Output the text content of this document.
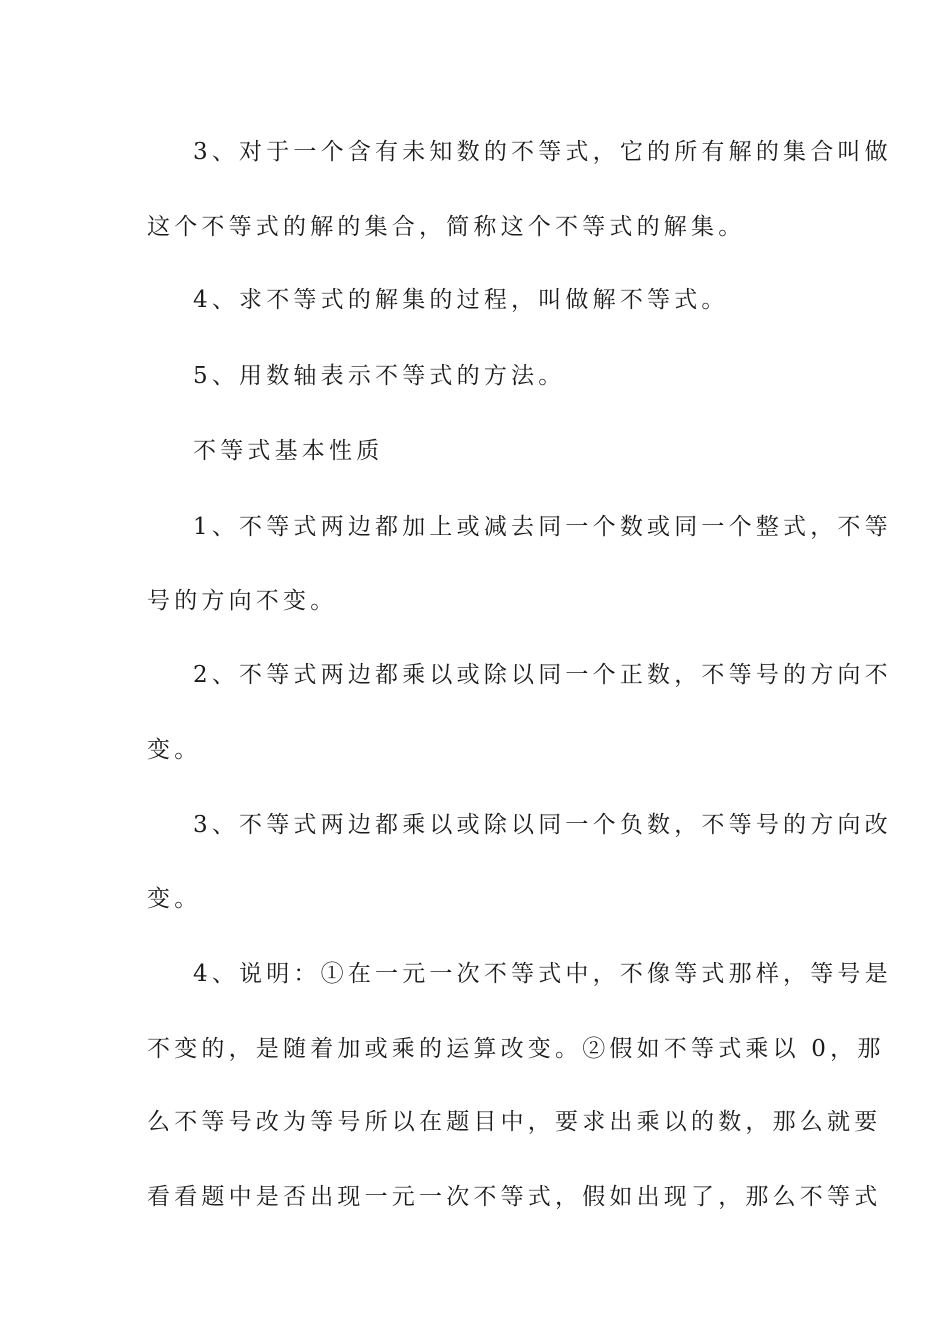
3、对于一个含有未知数的不等式，它的所有解的集合叫做
这个不等式的解的集合，简称这个不等式的解集。
4、求不等式的解集的过程，叫做解不等式。
5、用数轴表示不等式的方法。
不等式基本性质
1、不等式两边都加上或减去同一个数或同一个整式，不等
号的方向不变。
2、不等式两边都乘以或除以同一个正数，不等号的方向不
变。
3、不等式两边都乘以或除以同一个负数，不等号的方向改
变。
4、说明：①在一元一次不等式中，不像等式那样，等号是
不变的，是随着加或乘的运算改变。②假如不等式乘以 0，那
么不等号改为等号所以在题目中，要求出乘以的数，那么就要
看看题中是否出现一元一次不等式，假如出现了，那么不等式
